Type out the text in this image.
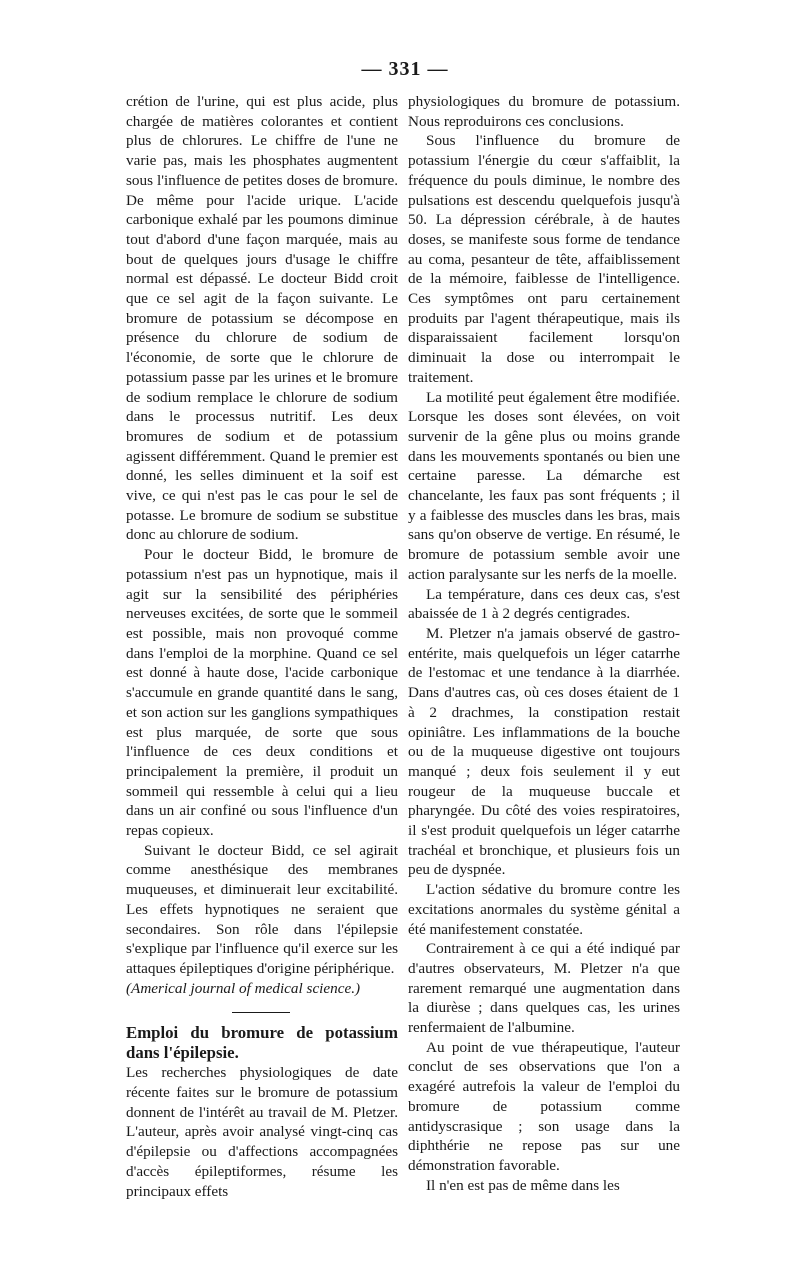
— 331 —

crétion de l'urine, qui est plus acide, plus chargée de matières colorantes et contient plus de chlorures. Le chiffre de l'une ne varie pas, mais les phosphates augmentent sous l'influence de petites doses de bromure. De même pour l'acide urique. L'acide carbonique exhalé par les poumons diminue tout d'abord d'une façon marquée, mais au bout de quelques jours d'usage le chiffre normal est dépassé. Le docteur Bidd croit que ce sel agit de la façon suivante. Le bromure de potassium se décompose en présence du chlorure de sodium de l'économie, de sorte que le chlorure de potassium passe par les urines et le bromure de sodium remplace le chlorure de sodium dans le processus nutritif. Les deux bromures de sodium et de potassium agissent différemment. Quand le premier est donné, les selles diminuent et la soif est vive, ce qui n'est pas le cas pour le sel de potasse. Le bromure de sodium se substitue donc au chlorure de sodium.

Pour le docteur Bidd, le bromure de potassium n'est pas un hypnotique, mais il agit sur la sensibilité des périphéries nerveuses excitées, de sorte que le sommeil est possible, mais non provoqué comme dans l'emploi de la morphine. Quand ce sel est donné à haute dose, l'acide carbonique s'accumule en grande quantité dans le sang, et son action sur les ganglions sympathiques est plus marquée, de sorte que sous l'influence de ces deux conditions et principalement la première, il produit un sommeil qui ressemble à celui qui a lieu dans un air confiné ou sous l'influence d'un repas copieux.

Suivant le docteur Bidd, ce sel agirait comme anesthésique des membranes muqueuses, et diminuerait leur excitabilité. Les effets hypnotiques ne seraient que secondaires. Son rôle dans l'épilepsie s'explique par l'influence qu'il exerce sur les attaques épileptiques d'origine périphérique.

(Americal journal of medical science.)

Emploi du bromure de potassium dans l'épilepsie.

Les recherches physiologiques de date récente faites sur le bromure de potassium donnent de l'intérêt au travail de M. Pletzer. L'auteur, après avoir analysé vingt-cinq cas d'épilepsie ou d'affections accompagnées d'accès épileptiformes, résume les principaux effets

physiologiques du bromure de potassium. Nous reproduirons ces conclusions.

Sous l'influence du bromure de potassium l'énergie du cœur s'affaiblit, la fréquence du pouls diminue, le nombre des pulsations est descendu quelquefois jusqu'à 50. La dépression cérébrale, à de hautes doses, se manifeste sous forme de tendance au coma, pesanteur de tête, affaiblissement de la mémoire, faiblesse de l'intelligence. Ces symptômes ont paru certainement produits par l'agent thérapeutique, mais ils disparaissaient facilement lorsqu'on diminuait la dose ou interrompait le traitement.

La motilité peut également être modifiée. Lorsque les doses sont élevées, on voit survenir de la gêne plus ou moins grande dans les mouvements spontanés ou bien une certaine paresse. La démarche est chancelante, les faux pas sont fréquents ; il y a faiblesse des muscles dans les bras, mais sans qu'on observe de vertige. En résumé, le bromure de potassium semble avoir une action paralysante sur les nerfs de la moelle.

La température, dans ces deux cas, s'est abaissée de 1 à 2 degrés centigrades.

M. Pletzer n'a jamais observé de gastro-entérite, mais quelquefois un léger catarrhe de l'estomac et une tendance à la diarrhée. Dans d'autres cas, où ces doses étaient de 1 à 2 drachmes, la constipation restait opiniâtre. Les inflammations de la bouche ou de la muqueuse digestive ont toujours manqué ; deux fois seulement il y eut rougeur de la muqueuse buccale et pharyngée. Du côté des voies respiratoires, il s'est produit quelquefois un léger catarrhe trachéal et bronchique, et plusieurs fois un peu de dyspnée.

L'action sédative du bromure contre les excitations anormales du système génital a été manifestement constatée.

Contrairement à ce qui a été indiqué par d'autres observateurs, M. Pletzer n'a que rarement remarqué une augmentation dans la diurèse ; dans quelques cas, les urines renfermaient de l'albumine.

Au point de vue thérapeutique, l'auteur conclut de ses observations que l'on a exagéré autrefois la valeur de l'emploi du bromure de potassium comme antidyscrasique ; son usage dans la diphthérie ne repose pas sur une démonstration favorable.

Il n'en est pas de même dans les
